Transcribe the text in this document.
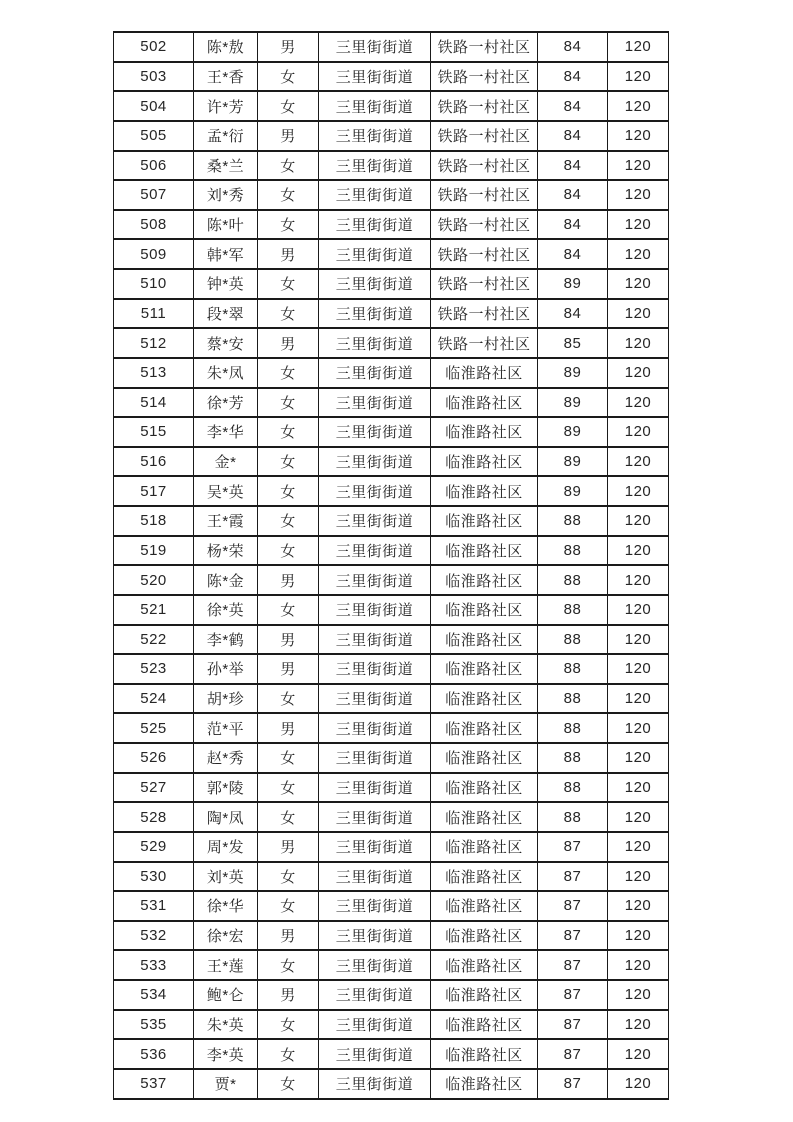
502	陈*敖	男	三里街街道	铁路一村社区	84	120
503	王*香	女	三里街街道	铁路一村社区	84	120
504	许*芳	女	三里街街道	铁路一村社区	84	120
505	孟*衍	男	三里街街道	铁路一村社区	84	120
506	桑*兰	女	三里街街道	铁路一村社区	84	120
507	刘*秀	女	三里街街道	铁路一村社区	84	120
508	陈*叶	女	三里街街道	铁路一村社区	84	120
509	韩*军	男	三里街街道	铁路一村社区	84	120
510	钟*英	女	三里街街道	铁路一村社区	89	120
511	段*翠	女	三里街街道	铁路一村社区	84	120
512	蔡*安	男	三里街街道	铁路一村社区	85	120
513	朱*凤	女	三里街街道	临淮路社区	89	120
514	徐*芳	女	三里街街道	临淮路社区	89	120
515	李*华	女	三里街街道	临淮路社区	89	120
516	金*	女	三里街街道	临淮路社区	89	120
517	吴*英	女	三里街街道	临淮路社区	89	120
518	王*霞	女	三里街街道	临淮路社区	88	120
519	杨*荣	女	三里街街道	临淮路社区	88	120
520	陈*金	男	三里街街道	临淮路社区	88	120
521	徐*英	女	三里街街道	临淮路社区	88	120
522	李*鹤	男	三里街街道	临淮路社区	88	120
523	孙*举	男	三里街街道	临淮路社区	88	120
524	胡*珍	女	三里街街道	临淮路社区	88	120
525	范*平	男	三里街街道	临淮路社区	88	120
526	赵*秀	女	三里街街道	临淮路社区	88	120
527	郭*陵	女	三里街街道	临淮路社区	88	120
528	陶*凤	女	三里街街道	临淮路社区	88	120
529	周*发	男	三里街街道	临淮路社区	87	120
530	刘*英	女	三里街街道	临淮路社区	87	120
531	徐*华	女	三里街街道	临淮路社区	87	120
532	徐*宏	男	三里街街道	临淮路社区	87	120
533	王*莲	女	三里街街道	临淮路社区	87	120
534	鲍*仑	男	三里街街道	临淮路社区	87	120
535	朱*英	女	三里街街道	临淮路社区	87	120
536	李*英	女	三里街街道	临淮路社区	87	120
537	贾*	女	三里街街道	临淮路社区	87	120
